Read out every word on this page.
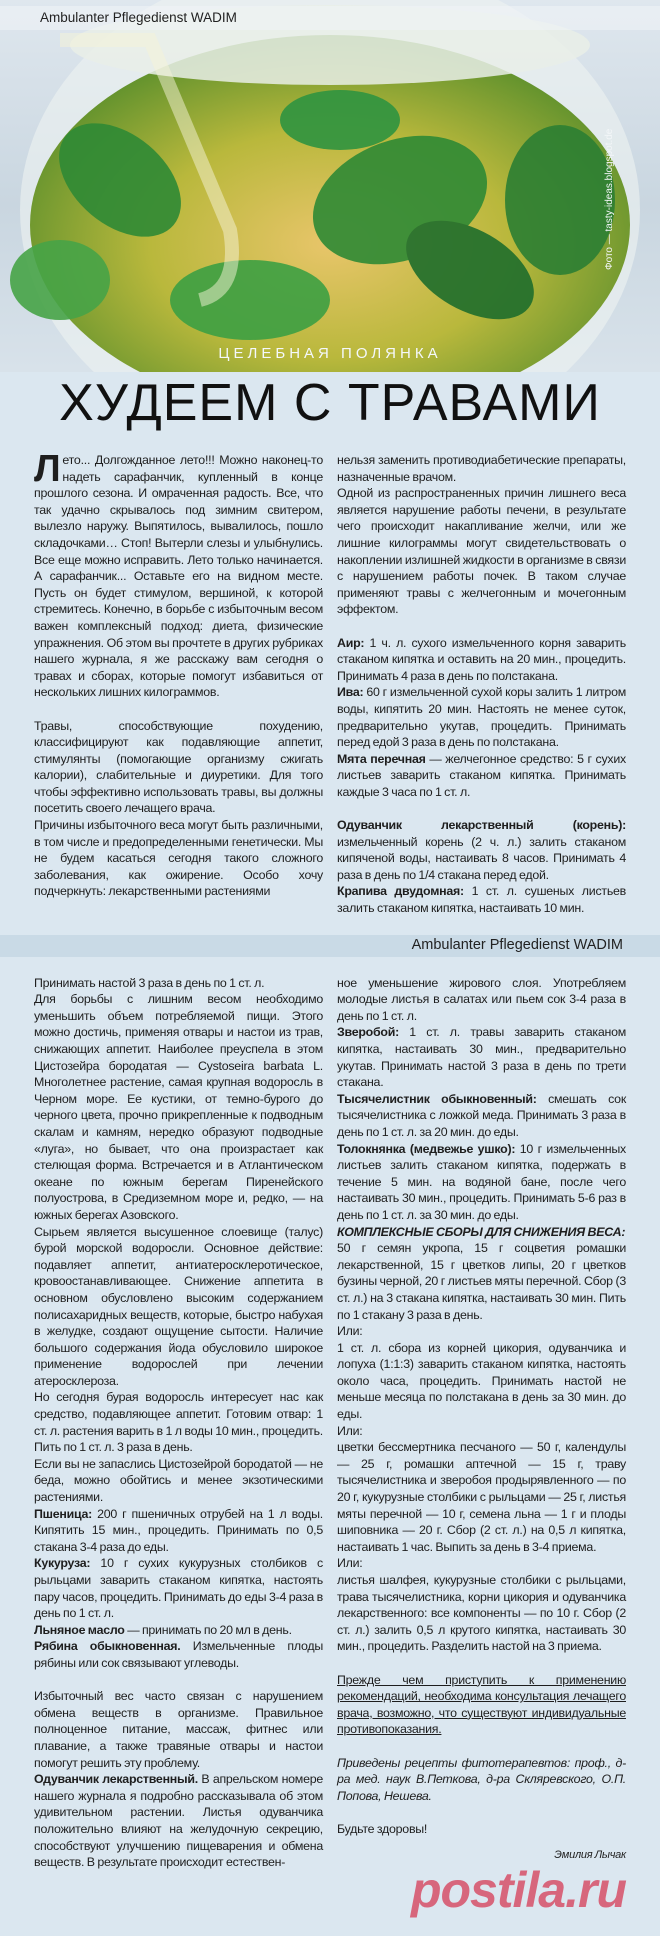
Ambulanter Pflegedienst WADIM
Фото — tasty-ideas.blogspot.de
ЦЕЛЕБНАЯ ПОЛЯНКА
ХУДЕЕМ С ТРАВАМИ

Лето... Долгожданное лето!!! Можно наконец-то надеть сарафанчик, купленный в конце прошлого сезона. И омраченная радость. Все, что так удачно скрывалось под зимним свитером, вылезло наружу. Выпятилось, вывалилось, пошло складочками… Стоп! Вытерли слезы и улыбнулись. Все еще можно исправить. Лето только начинается. А сарафанчик... Оставьте его на видном месте. Пусть он будет стимулом, вершиной, к которой стремитесь. Конечно, в борьбе с избыточным весом важен комплексный подход: диета, физические упражнения. Об этом вы прочтете в других рубриках нашего журнала, я же расскажу вам сегодня о травах и сборах, которые помогут избавиться от нескольких лишних килограммов.

Травы, способствующие похудению, классифицируют как подавляющие аппетит, стимулянты (помогающие организму сжигать калории), слабительные и диуретики. Для того чтобы эффективно использовать травы, вы должны посетить своего лечащего врача.

Причины избыточного веса могут быть различными, в том числе и предопределенными генетически. Мы не будем касаться сегодня такого сложного заболевания, как ожирение. Особо хочу подчеркнуть: лекарственными растениями

нельзя заменить противодиабетические препараты, назначенные врачом.

Одной из распространенных причин лишнего веса является нарушение работы печени, в результате чего происходит накапливание желчи, или же лишние килограммы могут свидетельствовать о накоплении излишней жидкости в организме в связи с нарушением работы почек. В таком случае применяют травы с желчегонным и мочегонным эффектом.

Аир: 1 ч. л. сухого измельченного корня заварить стаканом кипятка и оставить на 20 мин., процедить. Принимать 4 раза в день по полстакана.

Ива: 60 г измельченной сухой коры залить 1 литром воды, кипятить 20 мин. Настоять не менее суток, предварительно укутав, процедить. Принимать перед едой 3 раза в день по полстакана.

Мята перечная — желчегонное средство: 5 г сухих листьев заварить стаканом кипятка. Принимать каждые 3 часа по 1 ст. л.

Одуванчик лекарственный (корень): измельченный корень (2 ч. л.) залить стаканом кипяченой воды, настаивать 8 часов. Принимать 4 раза в день по 1/4 стакана перед едой.

Крапива двудомная: 1 ст. л. сушеных листьев залить стаканом кипятка, настаивать 10 мин.

Ambulanter Pflegedienst WADIM

Принимать настой 3 раза в день по 1 ст. л.

Для борьбы с лишним весом необходимо уменьшить объем потребляемой пищи. Этого можно достичь, применяя отвары и настои из трав, снижающих аппетит. Наиболее преуспела в этом Цистозейра бородатая — Cystoseira barbata L. Многолетнее растение, самая крупная водоросль в Черном море. Ее кустики, от темно-бурого до черного цвета, прочно прикрепленные к подводным скалам и камням, нередко образуют подводные «луга», но бывает, что она произрастает как стелющая форма. Встречается и в Атлантическом океане по южным берегам Пиренейского полуострова, в Средиземном море и, редко, — на южных берегах Азовского.

Сырьем является высушенное слоевище (талус) бурой морской водоросли. Основное действие: подавляет аппетит, антиатеросклеротическое, кровоостанавливающее. Снижение аппетита в основном обусловлено высоким содержанием полисахаридных веществ, которые, быстро набухая в желудке, создают ощущение сытости. Наличие большого содержания йода обусловило широкое применение водорослей при лечении атеросклероза.

Но сегодня бурая водоросль интересует нас как средство, подавляющее аппетит. Готовим отвар: 1 ст. л. растения варить в 1 л воды 10 мин., процедить. Пить по 1 ст. л. 3 раза в день.

Если вы не запаслись Цистозейрой бородатой — не беда, можно обойтись и менее экзотическими растениями.

Пшеница: 200 г пшеничных отрубей на 1 л воды. Кипятить 15 мин., процедить. Принимать по 0,5 стакана 3-4 раза до еды.

Кукуруза: 10 г сухих кукурузных столбиков с рыльцами заварить стаканом кипятка, настоять пару часов, процедить. Принимать до еды 3-4 раза в день по 1 ст. л.

Льняное масло — принимать по 20 мл в день.

Рябина обыкновенная. Измельченные плоды рябины или сок связывают углеводы.

Избыточный вес часто связан с нарушением обмена веществ в организме. Правильное полноценное питание, массаж, фитнес или плавание, а также травяные отвары и настои помогут решить эту проблему.

Одуванчик лекарственный. В апрельском номере нашего журнала я подробно рассказывала об этом удивительном растении. Листья одуванчика положительно влияют на желудочную секрецию, способствуют улучшению пищеварения и обмена веществ. В результате происходит естествен-

ное уменьшение жирового слоя. Употребляем молодые листья в салатах или пьем сок 3-4 раза в день по 1 ст. л.

Зверобой: 1 ст. л. травы заварить стаканом кипятка, настаивать 30 мин., предварительно укутав. Принимать настой 3 раза в день по трети стакана.

Тысячелистник обыкновенный: смешать сок тысячелистника с ложкой меда. Принимать 3 раза в день по 1 ст. л. за 20 мин. до еды.

Толокнянка (медвежье ушко): 10 г измельченных листьев залить стаканом кипятка, подержать в течение 5 мин. на водяной бане, после чего настаивать 30 мин., процедить. Принимать 5-6 раз в день по 1 ст. л. за 30 мин. до еды.

КОМПЛЕКСНЫЕ СБОРЫ ДЛЯ СНИЖЕНИЯ ВЕСА:

50 г семян укропа, 15 г соцветия ромашки лекарственной, 15 г цветков липы, 20 г цветков бузины черной, 20 г листьев мяты перечной. Сбор (3 ст. л.) на 3 стакана кипятка, настаивать 30 мин. Пить по 1 стакану 3 раза в день.

Или:

1 ст. л. сбора из корней цикория, одуванчика и лопуха (1:1:3) заварить стаканом кипятка, настоять около часа, процедить. Принимать настой не меньше месяца по полстакана в день за 30 мин. до еды.

Или:

цветки бессмертника песчаного — 50 г, календулы — 25 г, ромашки аптечной — 15 г, траву тысячелистника и зверобоя продырявленного — по 20 г, кукурузные столбики с рыльцами — 25 г, листья мяты перечной — 10 г, семена льна — 1 г и плоды шиповника — 20 г. Сбор (2 ст. л.) на 0,5 л кипятка, настаивать 1 час. Выпить за день в 3-4 приема.

Или:

листья шалфея, кукурузные столбики с рыльцами, трава тысячелистника, корни цикория и одуванчика лекарственного: все компоненты — по 10 г. Сбор (2 ст. л.) залить 0,5 л крутого кипятка, настаивать 30 мин., процедить. Разделить настой на 3 приема.

Прежде чем приступить к применению рекомендаций, необходима консультация лечащего врача, возможно, что существуют индивидуальные противопоказания.

Приведены рецепты фитотерапевтов: проф., д-ра мед. наук В.Петкова, д-ра Скляревского, О.П. Попова, Нешева.

Будьте здоровы!

Эмилия Лычак
postila.ru
